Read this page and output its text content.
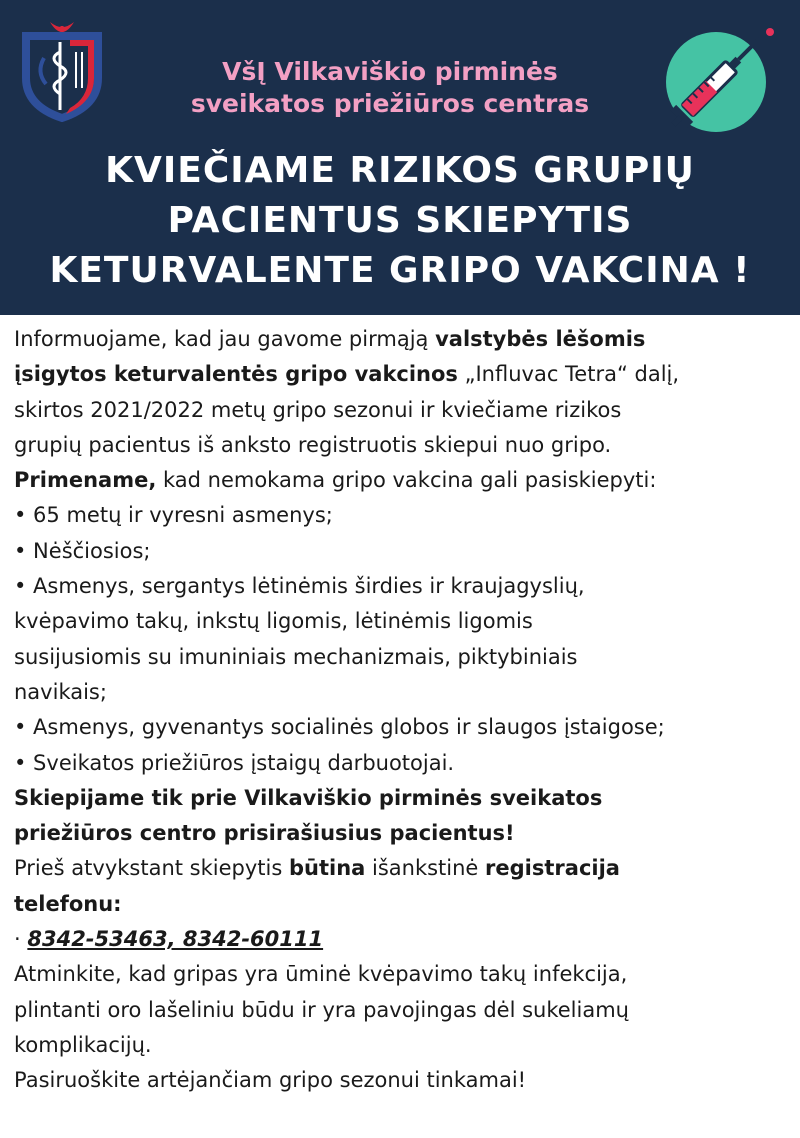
VšĮ Vilkaviškio pirminės
sveikatos priežiūros centras
KVIEČIAME RIZIKOS GRUPIŲ
PACIENTUS SKIEPYTIS
KETURVALENTE GRIPO VAKCINA !
Informuojame, kad jau gavome pirmąją valstybės lėšomis
įsigytos keturvalentės gripo vakcinos „Influvac Tetra“ dalį,
skirtos 2021/2022 metų gripo sezonui ir kviečiame rizikos
grupių pacientus iš anksto registruotis skiepui nuo gripo.
Primename, kad nemokama gripo vakcina gali pasiskiepyti:
• 65 metų ir vyresni asmenys;
• Nėščiosios;
• Asmenys, sergantys lėtinėmis širdies ir kraujagyslių,
kvėpavimo takų, inkstų ligomis, lėtinėmis ligomis
susijusiomis su imuniniais mechanizmais, piktybiniais
navikais;
• Asmenys, gyvenantys socialinės globos ir slaugos įstaigose;
• Sveikatos priežiūros įstaigų darbuotojai.
Skiepijame tik prie Vilkaviškio pirminės sveikatos
priežiūros centro prisirašiusius pacientus!
Prieš atvykstant skiepytis būtina išankstinė registracija
telefonu:
· 8342-53463, 8342-60111
Atminkite, kad gripas yra ūminė kvėpavimo takų infekcija,
plintanti oro lašeliniu būdu ir yra pavojingas dėl sukeliamų
komplikacijų.
Pasiruoškite artėjančiam gripo sezonui tinkamai!
